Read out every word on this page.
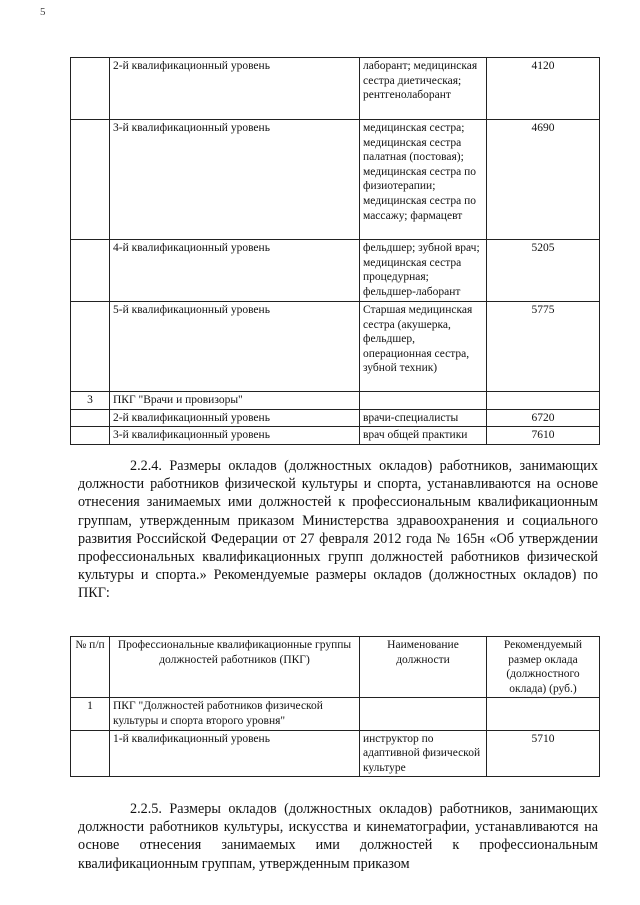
5
	2-й квалификационный уровень	лаборант; медицинская сестра диетическая; рентгенолаборант	4120
	3-й квалификационный уровень	медицинская сестра; медицинская сестра палатная (постовая); медицинская сестра по физиотерапии; медицинская сестра по массажу; фармацевт	4690
	4-й квалификационный уровень	фельдшер; зубной врач; медицинская сестра процедурная; фельдшер-лаборант	5205
	5-й квалификационный уровень	Старшая медицинская сестра (акушерка, фельдшер, операционная сестра, зубной техник)	5775
3	ПКГ "Врачи и провизоры"		
	2-й квалификационный уровень	врачи-специалисты	6720
	3-й квалификационный уровень	врач общей практики	7610

2.2.4. Размеры окладов (должностных окладов) работников, занимающих должности работников физической культуры и спорта, устанавливаются на основе отнесения занимаемых ими должностей к профессиональным квалификационным группам, утвержденным приказом Министерства здравоохранения и социального развития Российской Федерации от 27 февраля 2012 года № 165н «Об утверждении профессиональных квалификационных групп должностей работников физической культуры и спорта.» Рекомендуемые размеры окладов (должностных окладов) по ПКГ:

№ п/п	Профессиональные квалификационные группы должностей работников (ПКГ)	Наименование должности	Рекомендуемый размер оклада (должностного оклада) (руб.)
1	ПКГ "Должностей работников физической культуры и спорта второго уровня"		
	1-й квалификационный уровень	инструктор по адаптивной физической культуре	5710

2.2.5. Размеры окладов (должностных окладов) работников, занимающих должности работников культуры, искусства и кинематографии, устанавливаются на основе отнесения занимаемых ими должностей к профессиональным квалификационным группам, утвержденным приказом
